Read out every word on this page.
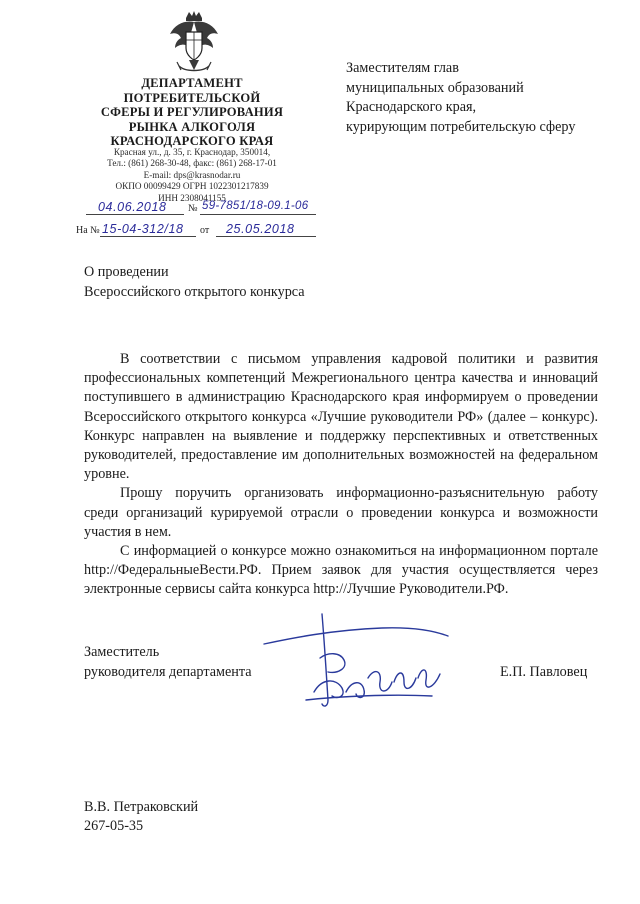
ДЕПАРТАМЕНТ
ПОТРЕБИТЕЛЬСКОЙ
СФЕРЫ И РЕГУЛИРОВАНИЯ
РЫНКА АЛКОГОЛЯ
КРАСНОДАРСКОГО КРАЯ
Красная ул., д. 35, г. Краснодар, 350014,
Тел.: (861) 268-30-48, факс: (861) 268-17-01
E-mail: dps@krasnodar.ru
ОКПО 00099429 ОГРН 1022301217839
ИНН 2308041155
04.06.2018 № 59-7851/18-09.1-06
На № 15-04-312/18 от 25.05.2018
Заместителям глав
муниципальных образований
Краснодарского края,
курирующим потребительскую сферу
О проведении
Всероссийского открытого конкурса

В соответствии с письмом управления кадровой политики и развития профессиональных компетенций Межрегионального центра качества и инноваций поступившего в администрацию Краснодарского края информируем о проведении Всероссийского открытого конкурса «Лучшие руководители РФ» (далее – конкурс). Конкурс направлен на выявление и поддержку перспективных и ответственных руководителей, предоставление им дополнительных возможностей на федеральном уровне.

Прошу поручить организовать информационно-разъяснительную работу среди организаций курируемой отрасли о проведении конкурса и возможности участия в нем.

С информацией о конкурсе можно ознакомиться на информационном портале http://ФедеральныеВести.РФ. Прием заявок для участия осуществляется через электронные сервисы сайта конкурса http://Лучшие Руководители.РФ.

Заместитель
руководителя департамента	Е.П. Павловец
В.В. Петраковский
267-05-35
